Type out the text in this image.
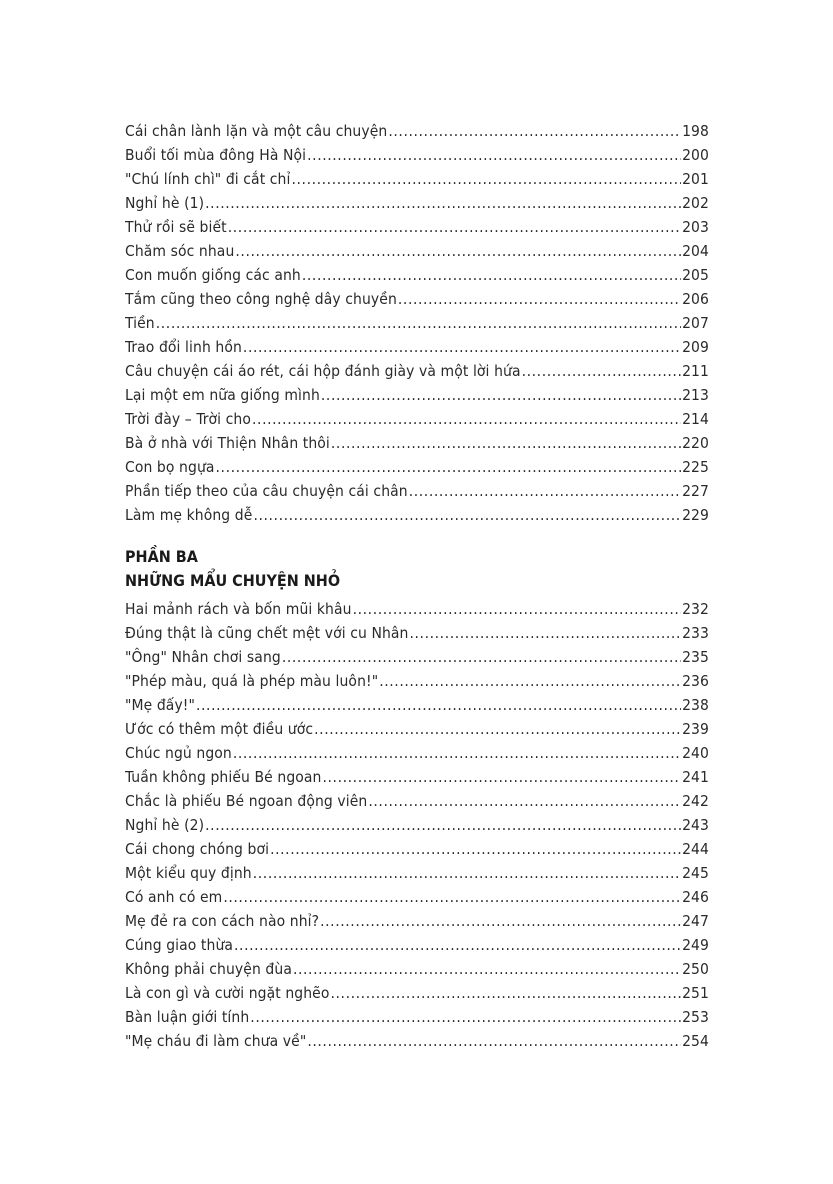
Cái chân lành lặn và một câu chuyện .....	198
Buổi tối mùa đông Hà Nội .....	200
"Chú lính chì" đi cắt chỉ .....	201
Nghỉ hè (1) .....	202
Thử rồi sẽ biết .....	203
Chăm sóc nhau .....	204
Con muốn giống các anh .....	205
Tắm cũng theo công nghệ dây chuyền .....	206
Tiền .....	207
Trao đổi linh hồn .....	209
Câu chuyện cái áo rét, cái hộp đánh giày và một lời hứa .....	211
Lại một em nữa giống mình .....	213
Trời đày – Trời cho .....	214
Bà ở nhà với Thiện Nhân thôi .....	220
Con bọ ngựa .....	225
Phần tiếp theo của câu chuyện cái chân .....	227
Làm mẹ không dễ .....	229
PHẦN BA
NHỮNG MẨU CHUYỆN NHỎ
Hai mảnh rách và bốn mũi khâu .....	232
Đúng thật là cũng chết mệt với cu Nhân .....	233
"Ông" Nhân chơi sang .....	235
"Phép màu, quá là phép màu luôn!" .....	236
"Mẹ đấy!" .....	238
Ước có thêm một điều ước .....	239
Chúc ngủ ngon .....	240
Tuần không phiếu Bé ngoan .....	241
Chắc là phiếu Bé ngoan động viên .....	242
Nghỉ hè (2) .....	243
Cái chong chóng bơi .....	244
Một kiểu quy định .....	245
Có anh có em .....	246
Mẹ đẻ ra con cách nào nhỉ? .....	247
Cúng giao thừa .....	249
Không phải chuyện đùa .....	250
Là con gì và cười ngặt nghẽo .....	251
Bàn luận giới tính .....	253
"Mẹ cháu đi làm chưa về" .....	254
